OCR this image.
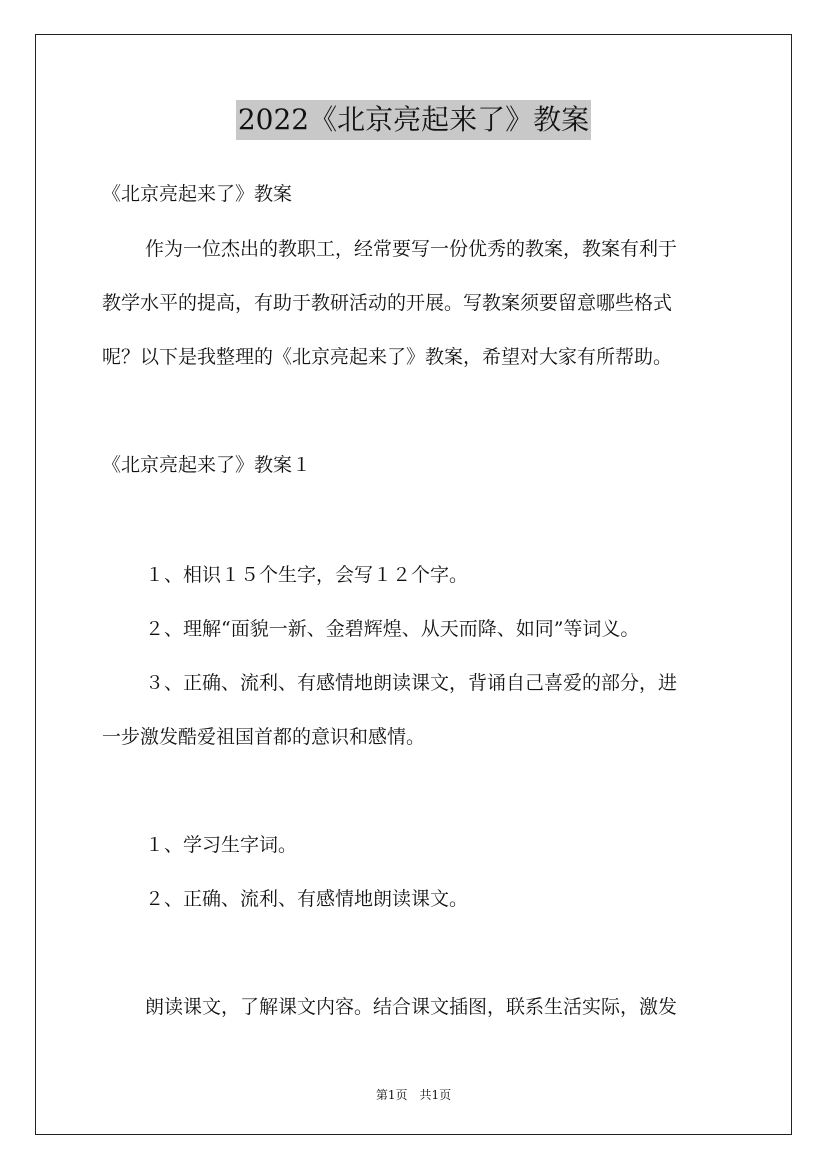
2022《北京亮起来了》教案
《北京亮起来了》教案
作为一位杰出的教职工，经常要写一份优秀的教案，教案有利于
教学水平的提高，有助于教研活动的开展。写教案须要留意哪些格式
呢？以下是我整理的《北京亮起来了》教案，希望对大家有所帮助。
《北京亮起来了》教案１
１、相识１５个生字，会写１２个字。
２、理解“面貌一新、金碧辉煌、从天而降、如同”等词义。
３、正确、流利、有感情地朗读课文，背诵自己喜爱的部分，进
一步激发酷爱祖国首都的意识和感情。
１、学习生字词。
２、正确、流利、有感情地朗读课文。
朗读课文，了解课文内容。结合课文插图，联系生活实际，激发
第1页　共1页
